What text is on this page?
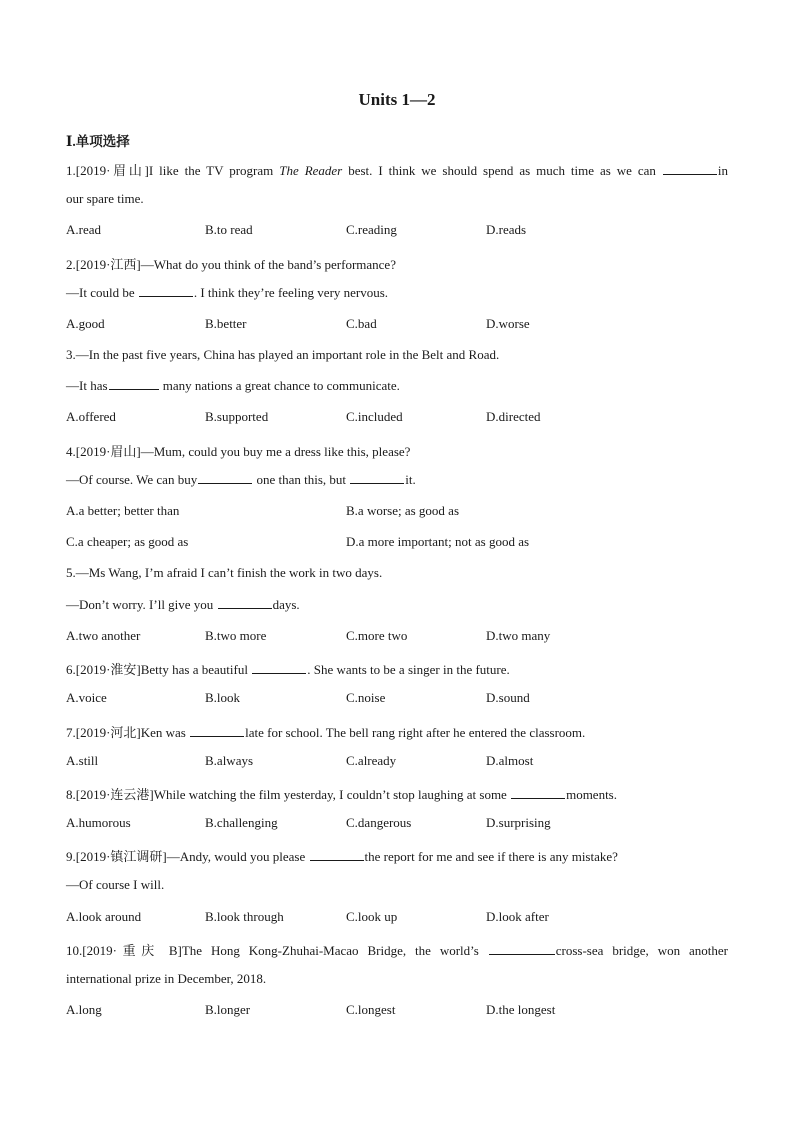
Units 1—2
Ⅰ.单项选择
1.[2019·眉山]I like the TV program The Reader best. I think we should spend as much time as we can	in
our spare time.
A.read	B.to read	C.reading	D.reads
2.[2019·江西]—What do you think of the band’s performance?
—It could be	. I think they’re feeling very nervous.
A.good	B.better	C.bad	D.worse
3.—In the past five years, China has played an important role in the Belt and Road.
—It has	many nations a great chance to communicate.
A.offered	B.supported	C.included	D.directed
4.[2019·眉山]—Mum, could you buy me a dress like this, please?
—Of course. We can buy	one than this, but	it.
A.a better; better than	B.a worse; as good as
C.a cheaper; as good as	D.a more important; not as good as
5.—Ms Wang, I’m afraid I can’t finish the work in two days.
—Don’t worry. I’ll give you	days.
A.two another	B.two more	C.more two	D.two many
6.[2019·淮安]Betty has a beautiful	. She wants to be a singer in the future.
A.voice	B.look	C.noise	D.sound
7.[2019·河北]Ken was	late for school. The bell rang right after he entered the classroom.
A.still	B.always	C.already	D.almost
8.[2019·连云港]While watching the film yesterday, I couldn’t stop laughing at some	moments.
A.humorous	B.challenging	C.dangerous	D.surprising
9.[2019·镇江调研]—Andy, would you please	the report for me and see if there is any mistake?
—Of course I will.
A.look around	B.look through	C.look up	D.look after
10.[2019·重庆 B]The Hong Kong-Zhuhai-Macao Bridge, the world’s	cross-sea bridge, won another
international prize in December, 2018.
A.long	B.longer	C.longest	D.the longest
